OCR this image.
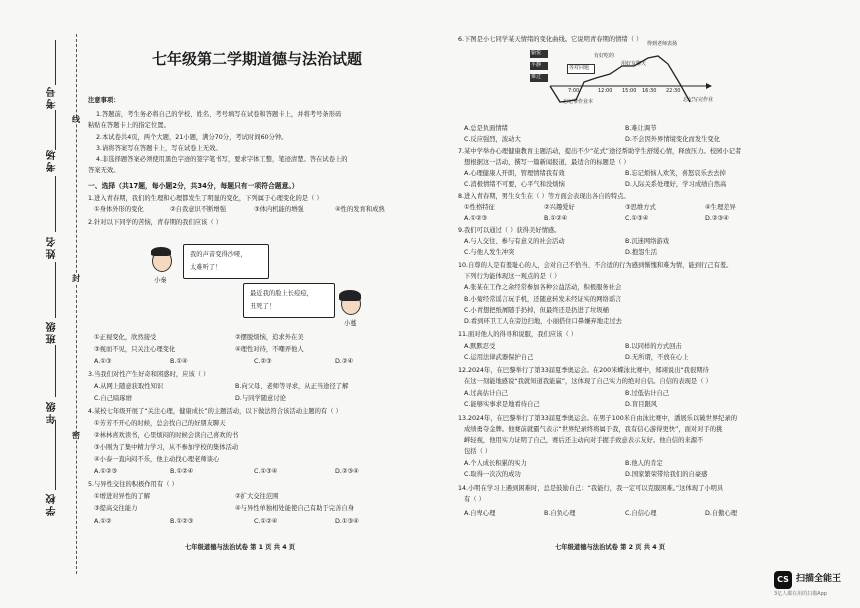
考号
考场
姓名
班级
年级
学校
线
封
密
七年级第二学期道德与法治试题
注意事项：
1.答题前，考生务必将自己的学校、姓名、考号填写在试卷和答题卡上，并将考号条形码
粘贴在答题卡上的指定位置。
2.本试卷共4页，两个大题，21小题，满分70分，考试时间60分钟。
3.请将答案写在答题卡上，写在试卷上无效。
4.非选择题答案必须使用黑色字迹的签字笔书写，要求字体工整，笔迹清楚。答在试卷上的
答案无效。
一、选择（共17题，每小题2分，共34分，每题只有一项符合题意。）
1.进入青春期，我们的生理和心理都发生了明显的变化，下列属于心理变化的是（ ）
①身体外形的变化	②自我意识不断增强	③体内机能的增强	④性的发育和成熟
2.针对以下同学的苦恼，青春期的我们应该（ ）
小秦
我的声音变得沙哑，
太难听了！
最近我的脸上长痘痘，
丑死了！
小蔓
①正视变化，欣然接受	②摆脱烦恼，追求外在美
③视而不见，只关注心理变化	④理性对待，不嘲弄他人
A.①③	B.①④	C.②③	D.②④
3.当我们对性产生好奇和困惑时，应该（ ）
A.从网上随意获取性知识	B.向父母、老师等寻求，从正当途径了解
C.自己暗琢磨	D.与同学随意讨论
4.某校七年级开展了“关注心理，健康成长”的主题活动，以下做法符合该活动主题的有（ ）
①芳芳不开心的时候，总会找自己的好朋友聊天
②林林喜欢读书，心里烦闷的时候会读自己喜欢的书
③小刚为了集中精力学习，从不参加学校的集体活动
④小泰一直向闷不乐，他主动找心理老师谈心
A.①②③	B.①②④	C.①③④	D.②③④
5.与异性交往的积极作用有（ ）
①增进对异性的了解	②扩大交往范围
③提高交往能力	④与异性单独相处能使自己有助于完善自身
A.①②	B.①②③	C.①②④	D.①③④
七年级道德与法治试卷 第 1 页 共 4 页
6.下图是小七同学某天情绪的变化曲线。它说明青春期的情绪（ ）
愉悦
平静
难过
得到老师表扬
有好吃的
等对同题
用好友聊天
忘记带作业本	忘记写完作业
7:00	12:00 15:00 16:30 22:30
A.总是负面情绪	B.难让调节
C.反应强烈，波动大	D.不会因外界情境变化而发生变化
7.某中学举办心理健康教育主题活动，提出不少“花式”途径帮助学生舒缓心情，释放压力。校园小记者
想根据这一活动，撰写一篇新闻报道，最适合的标题是（ ）
A.心理健康人开朗，管理情绪我有效	B.忘记烦恼人欢笑，喜怒哀乐去去掉
C.消极情绪不可要，心平气和没烦恼	D.人际关系处理好，学习成绩自然高
8.进入青春期，男生女生在（ ）等方面会表现出各自的特点。
①性格特征	②兴趣爱好	③思维方式	④生理差异
A.①②③	B.①②④	C.①③④	D.②③④
9.我们可以通过（ ）获得美好情感。
A.与人交往、参与有意义的社会活动	B.沉迷网络游戏
C.与他人发生冲突	D.抱怨生活
10.自尊的人是有羞耻心的人，会对自己不恰当、不合适的行为感到惭愧和难为情，能到行己有羞。
下列行为能体现这一观点的是（ ）
A.张某在工作之余经常参加各种公益活动，积极服务社会
B.小菊经常谣言玩手机，还随意转发未经证实的网络谣言
C.小青想把纸屑随手扔掉，但最终还是扔进了垃圾桶
D.看到环卫工人在旁边扫地，小丽搭住口鼻嫌弃地走过去
11.面对他人的得寻和说服，我们应该（ ）
A.默默忍受	B.以同样的方式回击
C.运用法律武器保护自己	D.无所谓，不放在心上
12.2024年，在巴黎举行了第33届夏季奥运会。在200米蝶泳比赛中，郑翊说出“我很期待
在这一刻能地感说“我就知道我能赢”，这体现了自己实力的绝对自信。自信的表现是（ ）
A.过高估计自己	B.过低估计自己
C.能够实事求是地看待自己	D.盲目跟风
13.2024年，在巴黎举行了第33届夏季奥运会。在男子100米自由泳比赛中，潘展乐以破世界纪录的
成绩勇夺金牌。他赛前就霸气表示“世界纪录终将属于我，我有信心游得更快”，面对对手的挑
衅轻视，他用实力证明了自己，赛后还主动向对手握手致意表示友好。他自信的来源不
包括（ ）
A.个人成长积累的实力	B.他人的肯定
C.取得一次次的成功	D.国家繁荣带给我们的自豪感
14.小明在学习上遇到困难时，总是鼓励自己：“我能行，我一定可以克服困难。”这体现了小明具
有（ ）
A.自卑心理	B.自负心理	C.自信心理	D.自傲心理
七年级道德与法治试卷 第 2 页 共 4 页
CS 扫描全能王
3亿人都在用的扫描App
